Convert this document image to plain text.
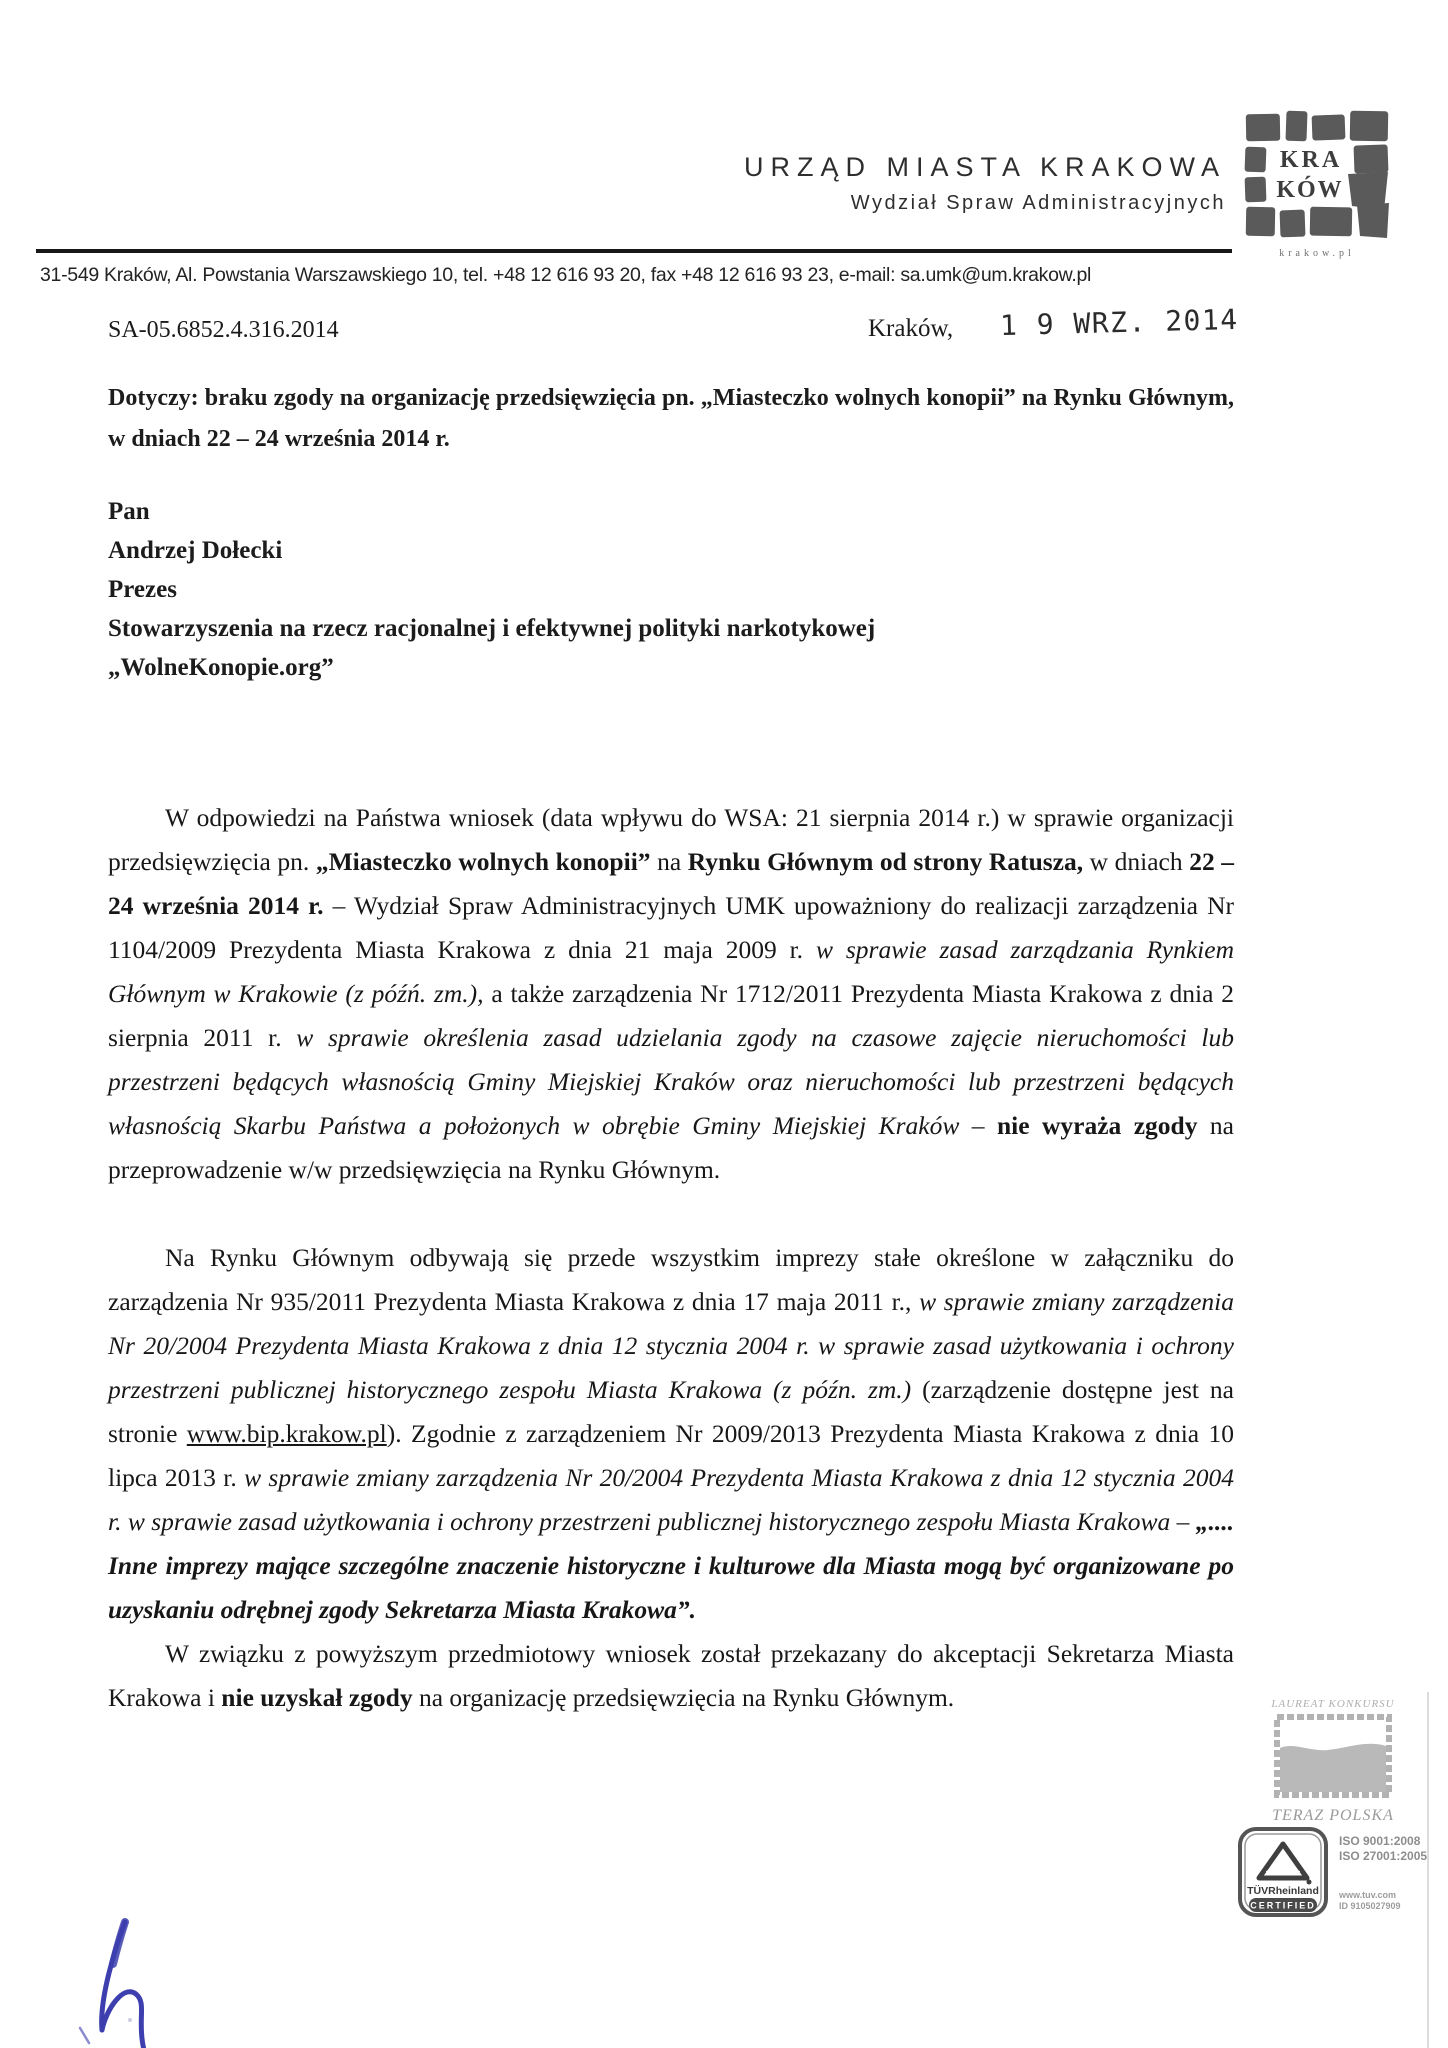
URZĄD MIASTA KRAKOWA
Wydział Spraw Administracyjnych
KRA
KÓW
krakow.pl
31-549 Kraków, Al. Powstania Warszawskiego 10, tel. +48 12 616 93 20, fax +48 12 616 93 23, e-mail: sa.umk@um.krakow.pl
SA-05.6852.4.316.2014	Kraków, 1 9 WRZ. 2014
Dotyczy: braku zgody na organizację przedsięwzięcia pn. „Miasteczko wolnych konopii” na Rynku Głównym, w dniach 22 – 24 września 2014 r.
Pan
Andrzej Dołecki
Prezes
Stowarzyszenia na rzecz racjonalnej i efektywnej polityki narkotykowej
„WolneKonopie.org”

W odpowiedzi na Państwa wniosek (data wpływu do WSA: 21 sierpnia 2014 r.) w sprawie organizacji przedsięwzięcia pn. „Miasteczko wolnych konopii” na Rynku Głównym od strony Ratusza, w dniach 22 – 24 września 2014 r. – Wydział Spraw Administracyjnych UMK upoważniony do realizacji zarządzenia Nr 1104/2009 Prezydenta Miasta Krakowa z dnia 21 maja 2009 r. w sprawie zasad zarządzania Rynkiem Głównym w Krakowie (z późń. zm.), a także zarządzenia Nr 1712/2011 Prezydenta Miasta Krakowa z dnia 2 sierpnia 2011 r. w sprawie określenia zasad udzielania zgody na czasowe zajęcie nieruchomości lub przestrzeni będących własnością Gminy Miejskiej Kraków oraz nieruchomości lub przestrzeni będących własnością Skarbu Państwa a położonych w obrębie Gminy Miejskiej Kraków – nie wyraża zgody na przeprowadzenie w/w przedsięwzięcia na Rynku Głównym.

Na Rynku Głównym odbywają się przede wszystkim imprezy stałe określone w załączniku do zarządzenia Nr 935/2011 Prezydenta Miasta Krakowa z dnia 17 maja 2011 r., w sprawie zmiany zarządzenia Nr 20/2004 Prezydenta Miasta Krakowa z dnia 12 stycznia 2004 r. w sprawie zasad użytkowania i ochrony przestrzeni publicznej historycznego zespołu Miasta Krakowa (z późn. zm.) (zarządzenie dostępne jest na stronie www.bip.krakow.pl). Zgodnie z zarządzeniem Nr 2009/2013 Prezydenta Miasta Krakowa z dnia 10 lipca 2013 r. w sprawie zmiany zarządzenia Nr 20/2004 Prezydenta Miasta Krakowa z dnia 12 stycznia 2004 r. w sprawie zasad użytkowania i ochrony przestrzeni publicznej historycznego zespołu Miasta Krakowa – „.... Inne imprezy mające szczególne znaczenie historyczne i kulturowe dla Miasta mogą być organizowane po uzyskaniu odrębnej zgody Sekretarza Miasta Krakowa”.

W związku z powyższym przedmiotowy wniosek został przekazany do akceptacji Sekretarza Miasta Krakowa i nie uzyskał zgody na organizację przedsięwzięcia na Rynku Głównym.	LAUREAT KONKURSU
TERAZ POLSKA
TÜVRheinland
CERTIFIED
ISO 9001:2008
ISO 27001:2005
www.tuv.com
ID 9105027909
